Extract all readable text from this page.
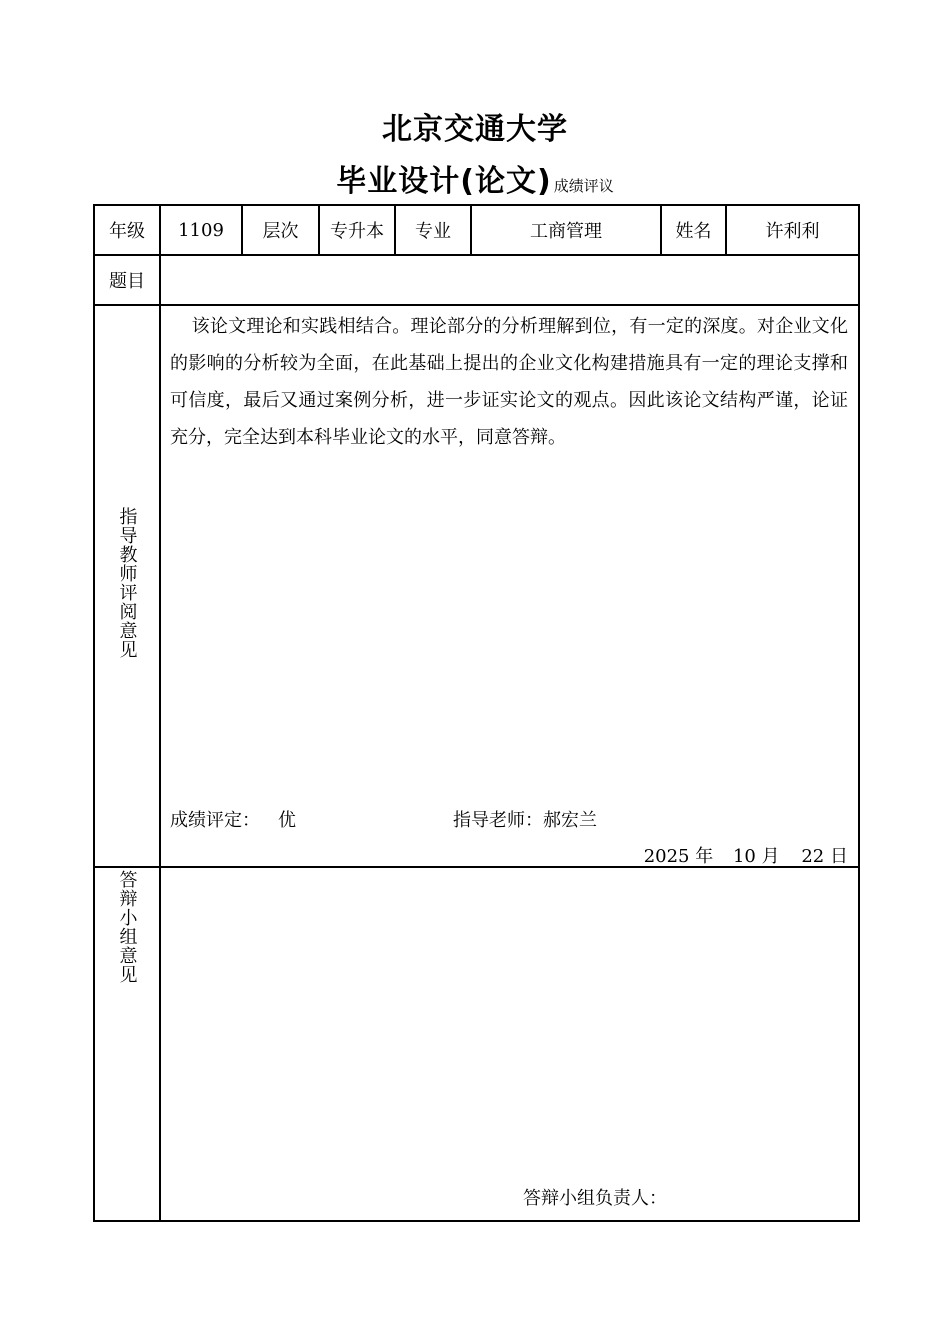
北京交通大学
毕业设计(论文) 成绩评议
年级	1109	层次	专升本	专业	工商管理	姓名	许利利
题目							

指导教师评阅意见	该论文理论和实践相结合。理论部分的分析理解到位，有一定的深度。对企业文化的影响的分析较为全面，在此基础上提出的企业文化构建措施具有一定的理论支撑和可信度，最后又通过案例分析，进一步证实论文的观点。因此该论文结构严谨，论证充分，完全达到本科毕业论文的水平，同意答辩。
成绩评定： 优 指导老师：郝宏兰
2025 年 10 月 22 日						

答辩小组意见	答辩小组负责人：						
